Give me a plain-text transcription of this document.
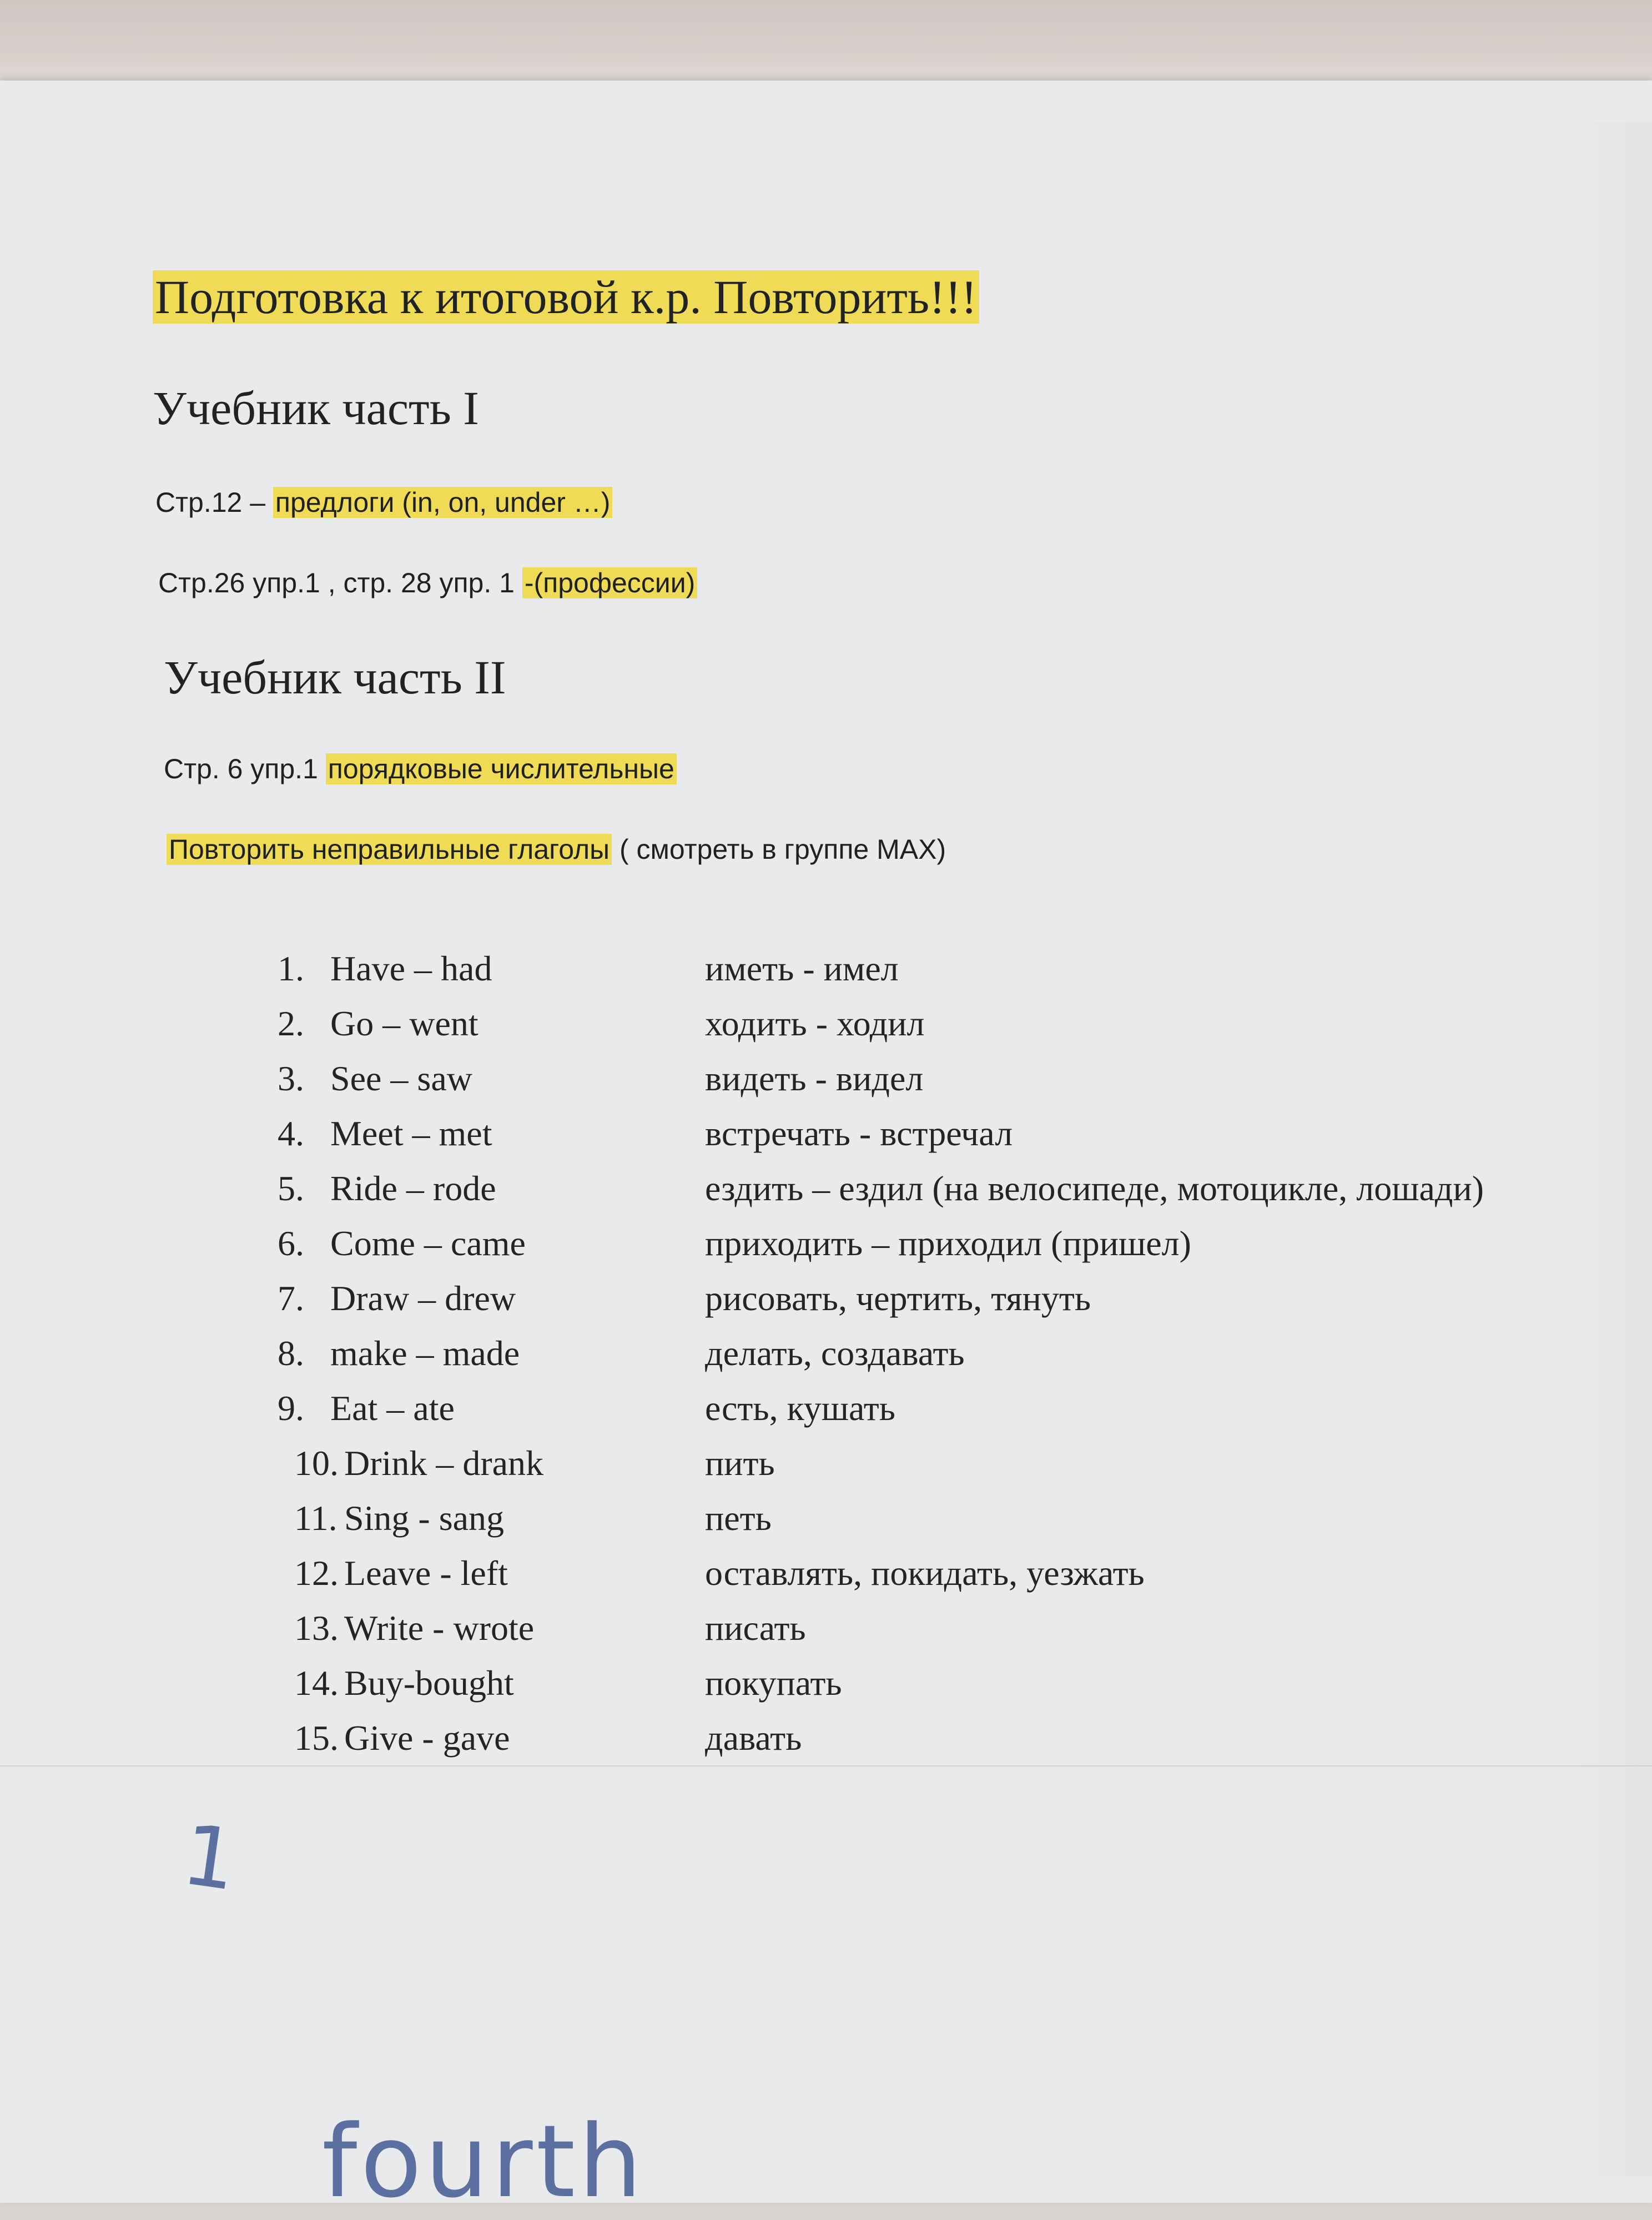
Подготовка к итоговой к.р. Повторить!!!
Учебник часть I
Стр.12 – предлоги (in, on, under …)
Стр.26 упр.1 , стр. 28 упр. 1 -(профессии)
Учебник часть II
Стр. 6 упр.1 порядковые числительные
Повторить неправильные глаголы ( смотреть в группе MAX)
1. Have – had	иметь - имел
2. Go – went	ходить - ходил
3. See – saw	видеть - видел
4. Meet – met	встречать - встречал
5. Ride – rode	ездить – ездил (на велосипеде, мотоцикле, лошади)
6. Come – came	приходить – приходил (пришел)
7. Draw – drew	рисовать, чертить, тянуть
8. make – made	делать, создавать
9. Eat – ate	есть, кушать
10. Drink – drank	пить
11. Sing - sang	петь
12. Leave - left	оставлять, покидать, уезжать
13. Write - wrote	писать
14. Buy-bought	покупать
15. Give - gave	давать
1
fourth
